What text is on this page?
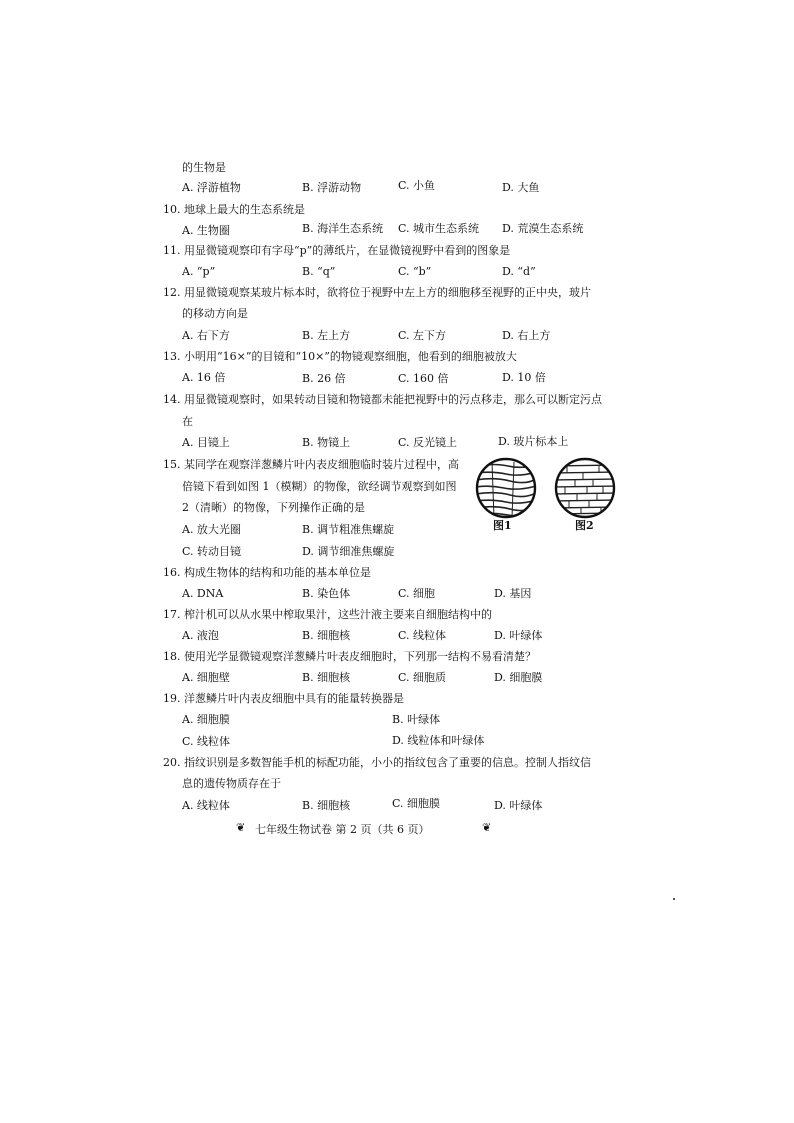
的生物是
A. 浮游植物	B. 浮游动物	C. 小鱼	D. 大鱼
10. 地球上最大的生态系统是
A. 生物圈	B. 海洋生态系统 C. 城市生态系统 D. 荒漠生态系统
11. 用显微镜观察印有字母“p”的薄纸片，在显微镜视野中看到的图象是
A. “p”	B. “q”	C. “b”	D. “d”
12. 用显微镜观察某玻片标本时，欲将位于视野中左上方的细胞移至视野的正中央，玻片
的移动方向是
A. 右下方	B. 左上方	C. 左下方	D. 右上方
13. 小明用“16×”的目镜和“10×”的物镜观察细胞，他看到的细胞被放大
A. 16 倍	B. 26 倍	C. 160 倍	D. 10 倍
14. 用显微镜观察时，如果转动目镜和物镜都未能把视野中的污点移走，那么可以断定污点
在
A. 目镜上	B. 物镜上	C. 反光镜上	D. 玻片标本上
15. 某同学在观察洋葱鳞片叶内表皮细胞临时装片过程中，高
倍镜下看到如图 1（模糊）的物像，欲经调节观察到如图
2（清晰）的物像，下列操作正确的是
A. 放大光圈	B. 调节粗准焦螺旋
C. 转动目镜	D. 调节细准焦螺旋
图1	图2
16. 构成生物体的结构和功能的基本单位是
A. DNA	B. 染色体	C. 细胞	D. 基因
17. 榨汁机可以从水果中榨取果汁，这些汁液主要来自细胞结构中的
A. 液泡	B. 细胞核	C. 线粒体	D. 叶绿体
18. 使用光学显微镜观察洋葱鳞片叶表皮细胞时，下列那一结构不易看清楚？
A. 细胞壁	B. 细胞核	C. 细胞质	D. 细胞膜
19. 洋葱鳞片叶内表皮细胞中具有的能量转换器是
A. 细胞膜	B. 叶绿体
C. 线粒体	D. 线粒体和叶绿体
20. 指纹识别是多数智能手机的标配功能，小小的指纹包含了重要的信息。控制人指纹信
息的遗传物质存在于
A. 线粒体	B. 细胞核	C. 细胞膜	D. 叶绿体
❦ 七年级生物试卷 第 2 页（共 6 页）	❦
